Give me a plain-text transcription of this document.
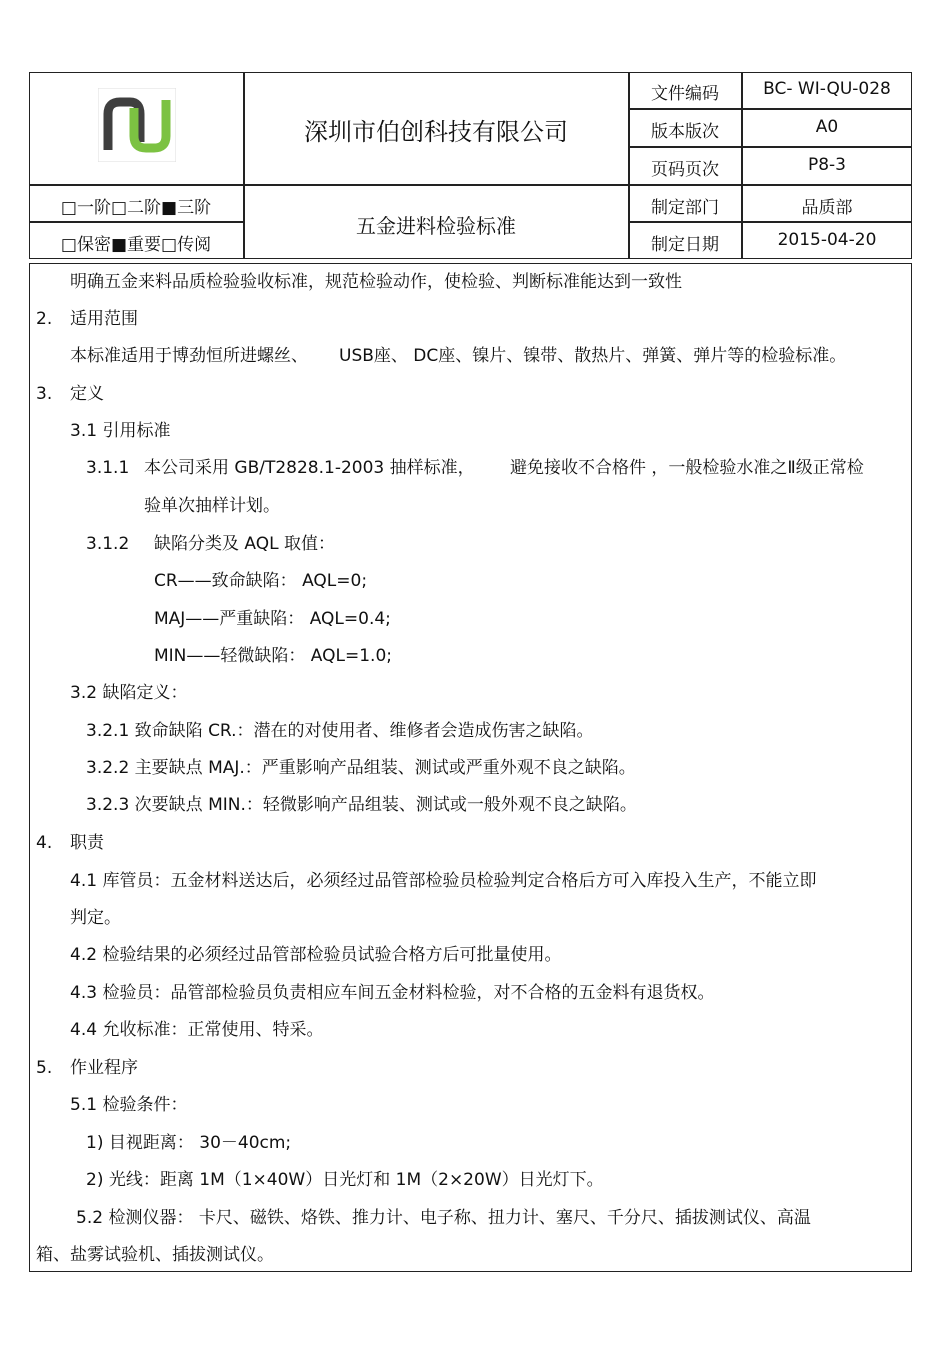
深圳市伯创科技有限公司
五金进料检验标准
□一阶□二阶■三阶
□保密■重要□传阅
文件编码	BC- WI-QU-028
版本版次	A0
页码页次	P8-3
制定部门	品质部
制定日期	2015-04-20
明确五金来料品质检验验收标准，规范检验动作，使检验、判断标准能达到一致性
2. 适用范围
本标准适用于博劲恒所进螺丝、 USB座、 DC座、镍片、镍带、散热片、弹簧、弹片等的检验标准。
3. 定义
3.1 引用标准
3.1.1 本公司采用 GB/T2828.1-2003 抽样标准， 避免接收不合格件 ，一般检验水准之Ⅱ级正常检
验单次抽样计划。
3.1.2 缺陷分类及 AQL 取值：
CR——致命缺陷： AQL=0;
MAJ——严重缺陷： AQL=0.4;
MIN——轻微缺陷： AQL=1.0;
3.2 缺陷定义：
3.2.1 致命缺陷 CR.：潜在的对使用者、维修者会造成伤害之缺陷。
3.2.2 主要缺点 MAJ.：严重影响产品组装、测试或严重外观不良之缺陷。
3.2.3 次要缺点 MIN.：轻微影响产品组装、测试或一般外观不良之缺陷。
4. 职责
4.1 库管员：五金材料送达后，必须经过品管部检验员检验判定合格后方可入库投入生产，不能立即
判定。
4.2 检验结果的必须经过品管部检验员试验合格方后可批量使用。
4.3 检验员：品管部检验员负责相应车间五金材料检验，对不合格的五金料有退货权。
4.4 允收标准：正常使用、特采。
5. 作业程序
5.1 检验条件：
1) 目视距离： 30－40cm;
2) 光线：距离 1M（1×40W）日光灯和 1M（2×20W）日光灯下。
5.2 检测仪器： 卡尺、磁铁、烙铁、推力计、电子称、扭力计、塞尺、千分尺、插拔测试仪、高温
箱、盐雾试验机、插拔测试仪。
